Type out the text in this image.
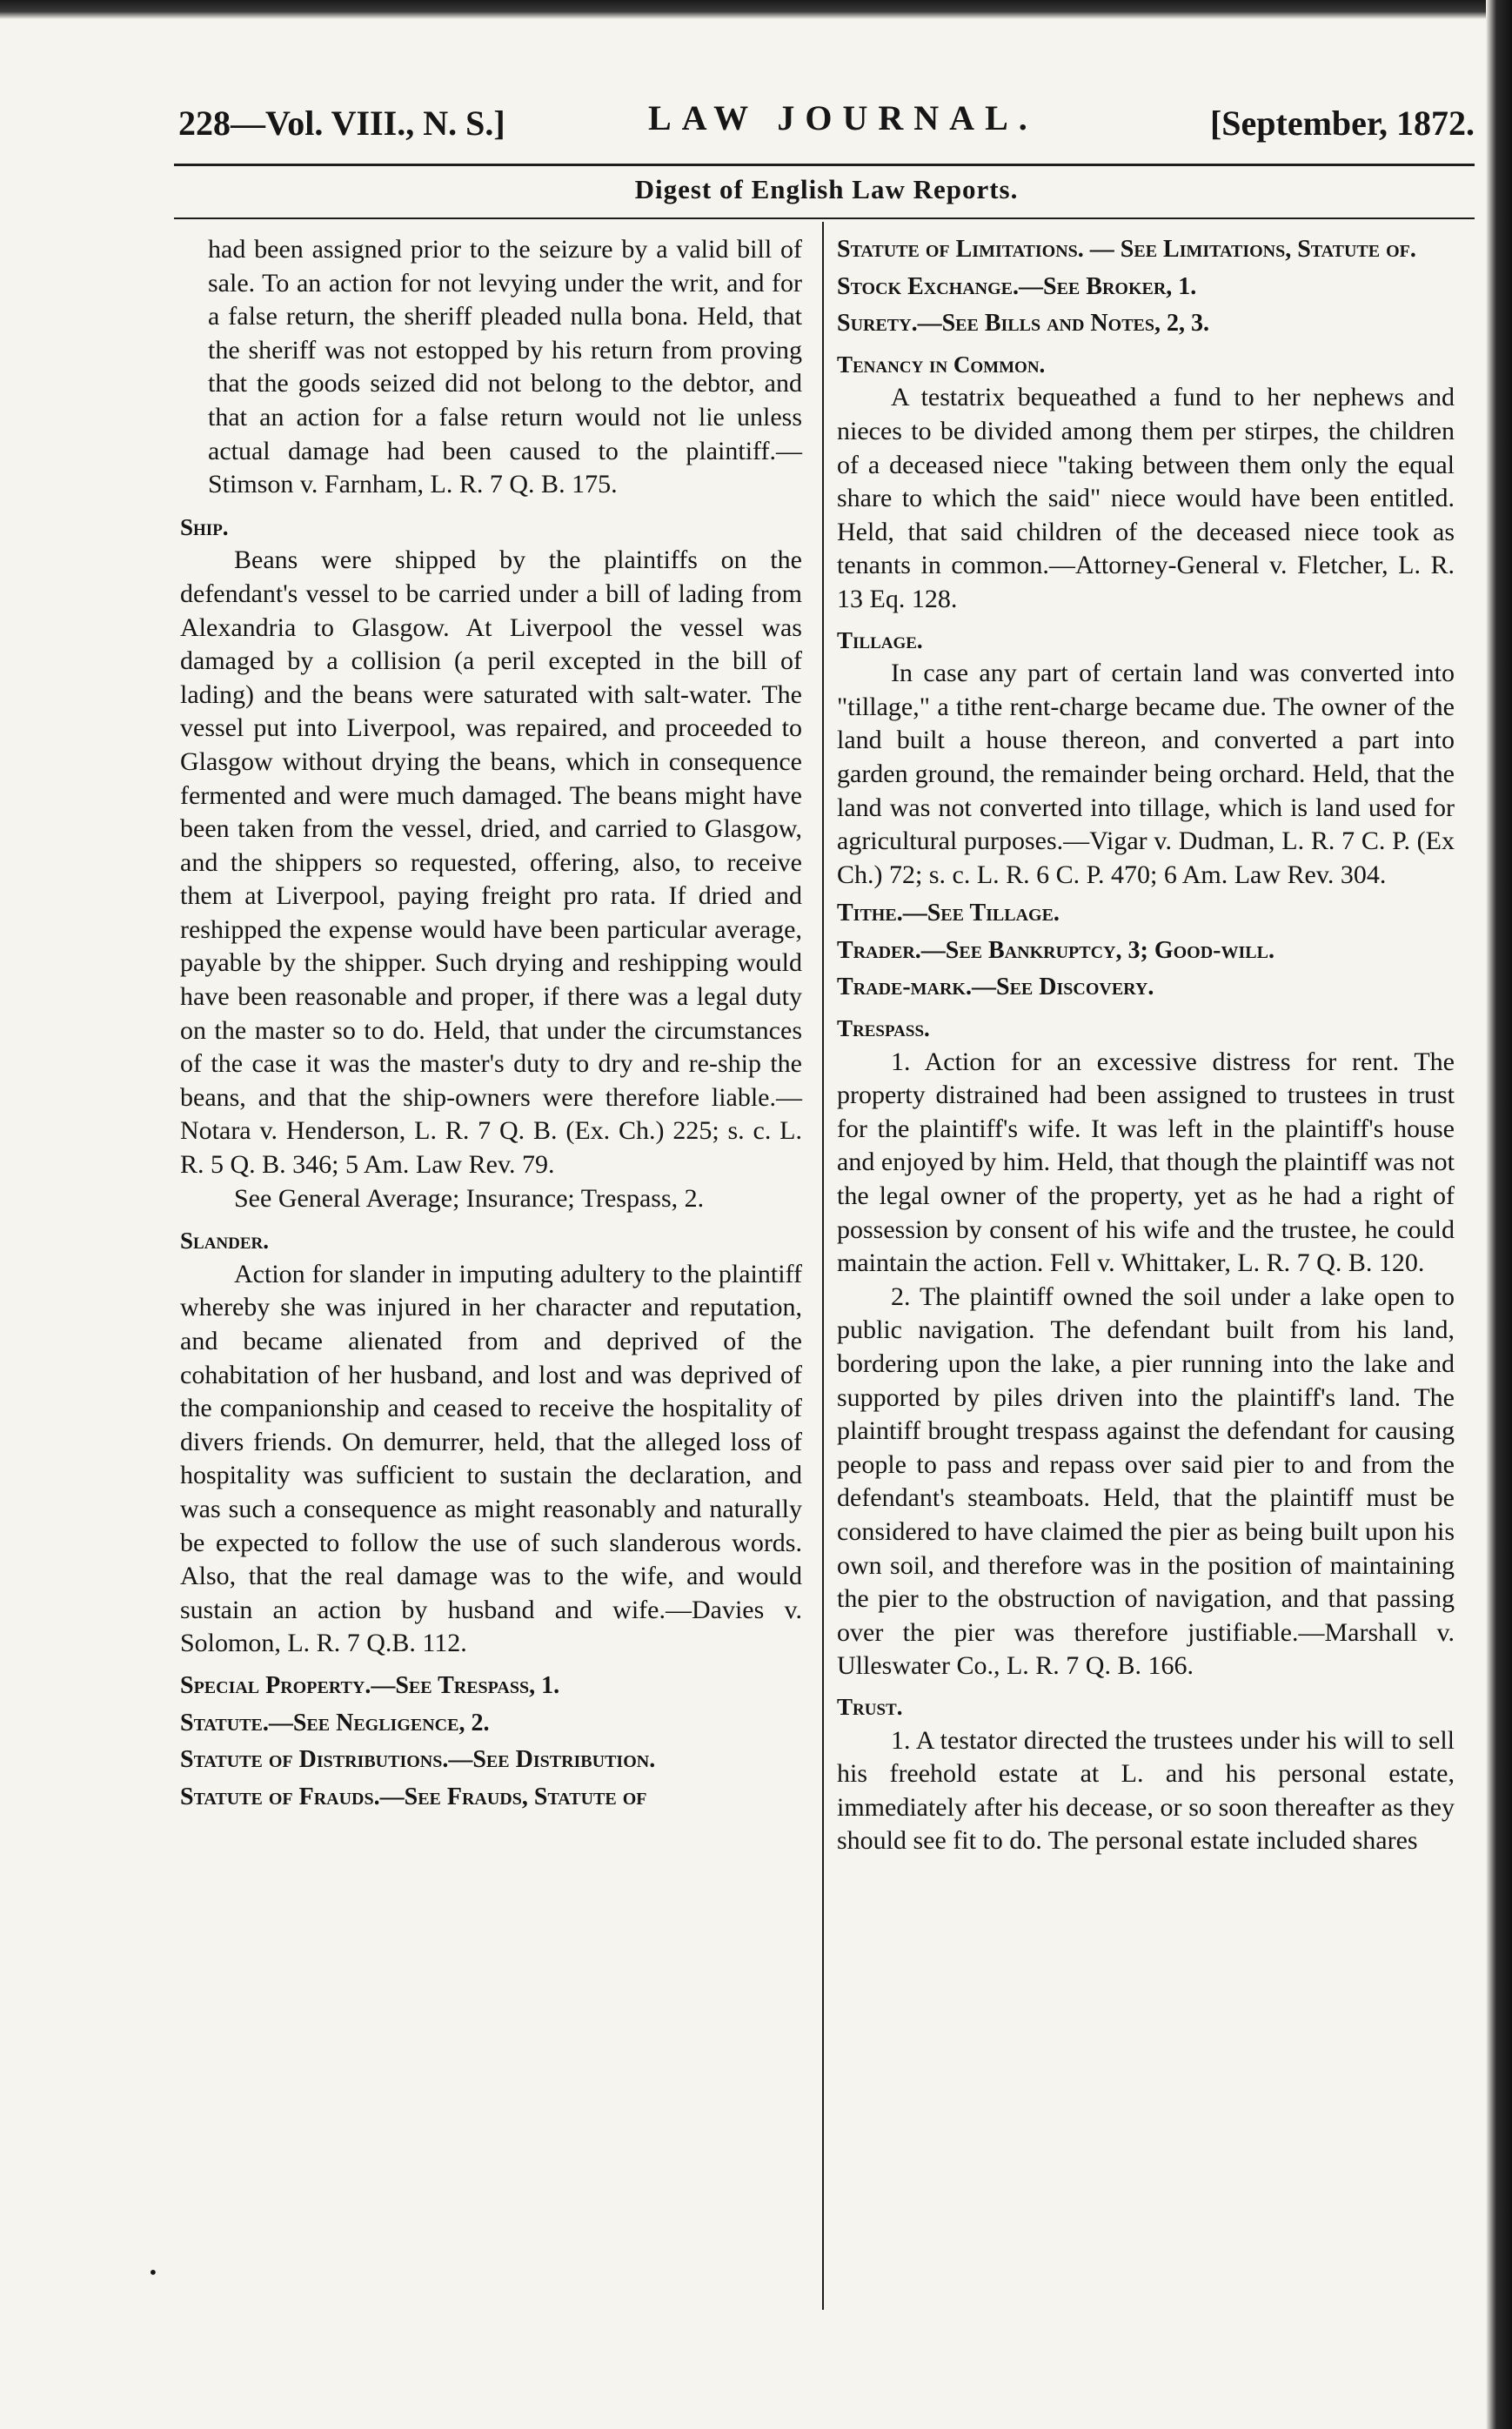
228—Vol. VIII., N. S.]	LAW JOURNAL.	[September, 1872.
Digest of English Law Reports.

had been assigned prior to the seizure by a valid bill of sale. To an action for not levying under the writ, and for a false return, the sheriff pleaded nulla bona. Held, that the sheriff was not estopped by his return from proving that the goods seized did not belong to the debtor, and that an action for a false return would not lie unless actual damage had been caused to the plaintiff.—Stimson v. Farnham, L. R. 7 Q. B. 175.

Ship.

Beans were shipped by the plaintiffs on the defendant's vessel to be carried under a bill of lading from Alexandria to Glasgow. At Liverpool the vessel was damaged by a collision (a peril excepted in the bill of lading) and the beans were saturated with salt-water. The vessel put into Liverpool, was repaired, and proceeded to Glasgow without drying the beans, which in consequence fermented and were much damaged. The beans might have been taken from the vessel, dried, and carried to Glasgow, and the shippers so requested, offering, also, to receive them at Liverpool, paying freight pro rata. If dried and reshipped the expense would have been particular average, payable by the shipper. Such drying and reshipping would have been reasonable and proper, if there was a legal duty on the master so to do. Held, that under the circumstances of the case it was the master's duty to dry and re-ship the beans, and that the ship-owners were therefore liable.—Notara v. Henderson, L. R. 7 Q. B. (Ex. Ch.) 225; s. c. L. R. 5 Q. B. 346; 5 Am. Law Rev. 79.

See General Average; Insurance; Trespass, 2.

Slander.

Action for slander in imputing adultery to the plaintiff whereby she was injured in her character and reputation, and became alienated from and deprived of the cohabitation of her husband, and lost and was deprived of the companionship and ceased to receive the hospitality of divers friends. On demurrer, held, that the alleged loss of hospitality was sufficient to sustain the declaration, and was such a consequence as might reasonably and naturally be expected to follow the use of such slanderous words. Also, that the real damage was to the wife, and would sustain an action by husband and wife.—Davies v. Solomon, L. R. 7 Q.B. 112.

Special Property.—See Trespass, 1.

Statute.—See Negligence, 2.

Statute of Distributions.—See Distribution.

Statute of Frauds.—See Frauds, Statute of

Statute of Limitations. — See Limitations, Statute of.

Stock Exchange.—See Broker, 1.

Surety.—See Bills and Notes, 2, 3.

Tenancy in Common.

A testatrix bequeathed a fund to her nephews and nieces to be divided among them per stirpes, the children of a deceased niece "taking between them only the equal share to which the said" niece would have been entitled. Held, that said children of the deceased niece took as tenants in common.—Attorney-General v. Fletcher, L. R. 13 Eq. 128.

Tillage.

In case any part of certain land was converted into "tillage," a tithe rent-charge became due. The owner of the land built a house thereon, and converted a part into garden ground, the remainder being orchard. Held, that the land was not converted into tillage, which is land used for agricultural purposes.—Vigar v. Dudman, L. R. 7 C. P. (Ex Ch.) 72; s. c. L. R. 6 C. P. 470; 6 Am. Law Rev. 304.

Tithe.—See Tillage.

Trader.—See Bankruptcy, 3; Good-will.

Trade-mark.—See Discovery.

Trespass.

1. Action for an excessive distress for rent. The property distrained had been assigned to trustees in trust for the plaintiff's wife. It was left in the plaintiff's house and enjoyed by him. Held, that though the plaintiff was not the legal owner of the property, yet as he had a right of possession by consent of his wife and the trustee, he could maintain the action. Fell v. Whittaker, L. R. 7 Q. B. 120.

2. The plaintiff owned the soil under a lake open to public navigation. The defendant built from his land, bordering upon the lake, a pier running into the lake and supported by piles driven into the plaintiff's land. The plaintiff brought trespass against the defendant for causing people to pass and repass over said pier to and from the defendant's steamboats. Held, that the plaintiff must be considered to have claimed the pier as being built upon his own soil, and therefore was in the position of maintaining the pier to the obstruction of navigation, and that passing over the pier was therefore justifiable.—Marshall v. Ulleswater Co., L. R. 7 Q. B. 166.

Trust.

1. A testator directed the trustees under his will to sell his freehold estate at L. and his personal estate, immediately after his decease, or so soon thereafter as they should see fit to do. The personal estate included shares

•
